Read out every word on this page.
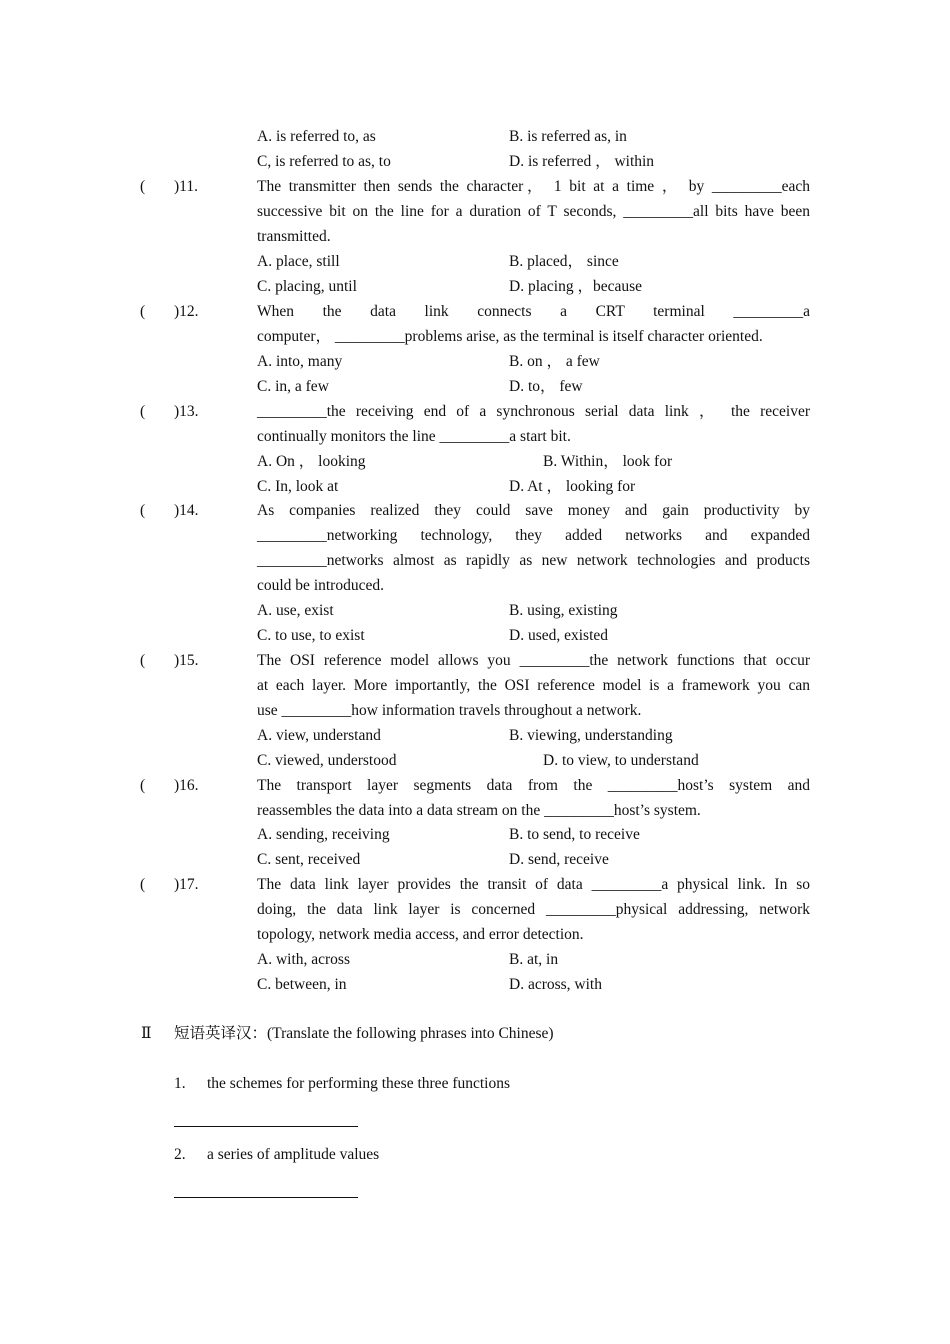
A. is referred to, as	B. is referred as, in
C, is referred to as, to	D. is referred ， within
( )11.	The transmitter then sends the character， 1 bit at a time ， by _________each
successive bit on the line for a duration of T seconds, _________all bits have been
transmitted.
A. place, still	B. placed， since
C. placing, until	D. placing ，because
( )12.	When the data link connects a CRT terminal _________a
computer， _________problems arise, as the terminal is itself character oriented.
A. into, many	B. on ， a few
C. in, a few	D. to， few
( )13.	_________the receiving end of a synchronous serial data link ， the receiver
continually monitors the line _________a start bit.
A. On ， looking	B. Within， look for
C. In, look at	D. At ， looking for
( )14.	As companies realized they could save money and gain productivity by
_________networking technology, they added networks and expanded
_________networks almost as rapidly as new network technologies and products
could be introduced.
A. use, exist	B. using, existing
C. to use, to exist	D. used, existed
( )15.	The OSI reference model allows you _________the network functions that occur
at each layer. More importantly, the OSI reference model is a framework you can
use _________how information travels throughout a network.
A. view, understand	B. viewing, understanding
C. viewed, understood	D. to view, to understand
( )16.	The transport layer segments data from the _________host’s system and
reassembles the data into a data stream on the _________host’s system.
A. sending, receiving	B. to send, to receive
C. sent, received	D. send, receive
( )17.	The data link layer provides the transit of data _________a physical link. In so
doing, the data link layer is concerned _________physical addressing, network
topology, network media access, and error detection.
A. with, across	B. at, in
C. between, in	D. across, with
Ⅱ 短语英译汉：(Translate the following phrases into Chinese)
1. the schemes for performing these three functions
2. a series of amplitude values
